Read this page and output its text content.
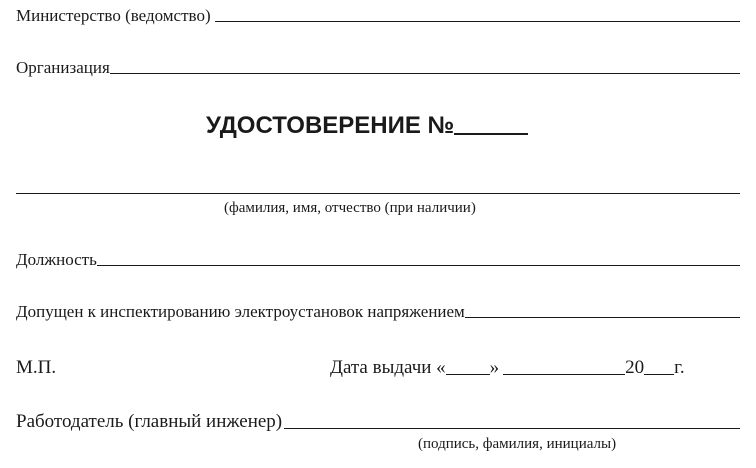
Министерство (ведомство)
Организация
УДОСТОВЕРЕНИЕ №
(фамилия, имя, отчество (при наличии)
Должность
Допущен к инспектированию электроустановок напряжением
М.П.	Дата выдачи « »	20 г.
Работодатель (главный инженер)
(подпись, фамилия, инициалы)
